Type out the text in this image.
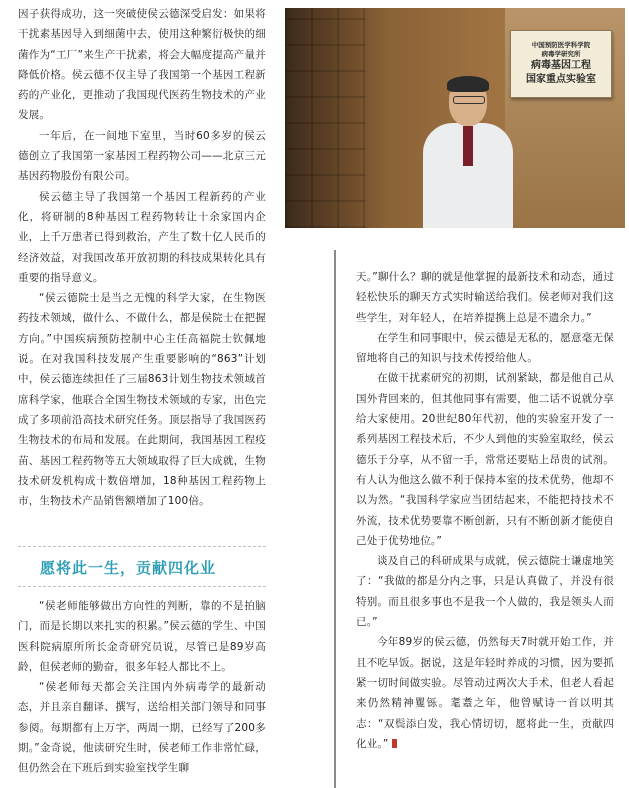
因子获得成功，这一突破使侯云德深受启发：如果将干扰素基因导入到细菌中去，使用这种繁衍极快的细菌作为“工厂”来生产干扰素，将会大幅度提高产量并降低价格。侯云德不仅主导了我国第一个基因工程新药的产业化，更推动了我国现代医药生物技术的产业发展。

一年后，在一间地下室里，当时60多岁的侯云德创立了我国第一家基因工程药物公司——北京三元基因药物股份有限公司。

侯云德主导了我国第一个基因工程新药的产业化，将研制的8种基因工程药物转让十余家国内企业，上千万患者已得到救治，产生了数十亿人民币的经济效益，对我国改革开放初期的科技成果转化具有重要的指导意义。

“侯云德院士是当之无愧的科学大家，在生物医药技术领域，做什么、不做什么，都是侯院士在把握方向。”中国疾病预防控制中心主任高福院士钦佩地说。在对我国科技发展产生重要影响的“863”计划中，侯云德连续担任了三届863计划生物技术领域首席科学家，他联合全国生物技术领域的专家，出色完成了多项前沿高技术研究任务。顶层指导了我国医药生物技术的布局和发展。在此期间，我国基因工程疫苗、基因工程药物等五大领域取得了巨大成就，生物技术研发机构成十数倍增加，18种基因工程药物上市，生物技术产品销售额增加了100倍。

愿将此一生，贡献四化业

“侯老师能够做出方向性的判断，靠的不是拍脑门，而是长期以来扎实的积累。”侯云德的学生、中国医科院病原所所长金奇研究员说，尽管已是89岁高龄，但侯老师的勤奋，很多年轻人都比不上。

“侯老师每天都会关注国内外病毒学的最新动态，并且亲自翻译、撰写，送给相关部门领导和同事参阅。每期都有上万字，两周一期，已经写了200多期。”金奇说，他读研究生时，侯老师工作非常忙碌，但仍然会在下班后到实验室找学生聊

中国预防医学科学院
病毒学研究所
病毒基因工程
国家重点实验室

天。”聊什么？聊的就是他掌握的最新技术和动态，通过轻松快乐的聊天方式实时输送给我们。侯老师对我们这些学生，对年轻人，在培养提携上总是不遗余力。”

在学生和同事眼中，侯云德是无私的，愿意毫无保留地将自己的知识与技术传授给他人。

在做干扰素研究的初期，试剂紧缺，都是他自己从国外背回来的，但其他同事有需要，他二话不说就分享给大家使用。20世纪80年代初，他的实验室开发了一系列基因工程技术后，不少人到他的实验室取经，侯云德乐于分享，从不留一手，常常还要贴上昂贵的试剂。有人认为他这么做不利于保持本室的技术优势，他却不以为然。“我国科学家应当团结起来，不能把持技术不外流，技术优势要靠不断创新，只有不断创新才能使自己处于优势地位。”

谈及自己的科研成果与成就，侯云德院士谦虚地笑了：“我做的都是分内之事，只是认真做了，并没有很特别。而且很多事也不是我一个人做的，我是领头人而已。”

今年89岁的侯云德，仍然每天7时就开始工作，并且不吃早饭。据说，这是年轻时养成的习惯，因为要抓紧一切时间做实验。尽管动过两次大手术，但老人看起来仍然精神矍铄。耄耋之年，他曾赋诗一首以明其志：“双鬓添白发，我心情切切，愿将此一生，贡献四化业。”
